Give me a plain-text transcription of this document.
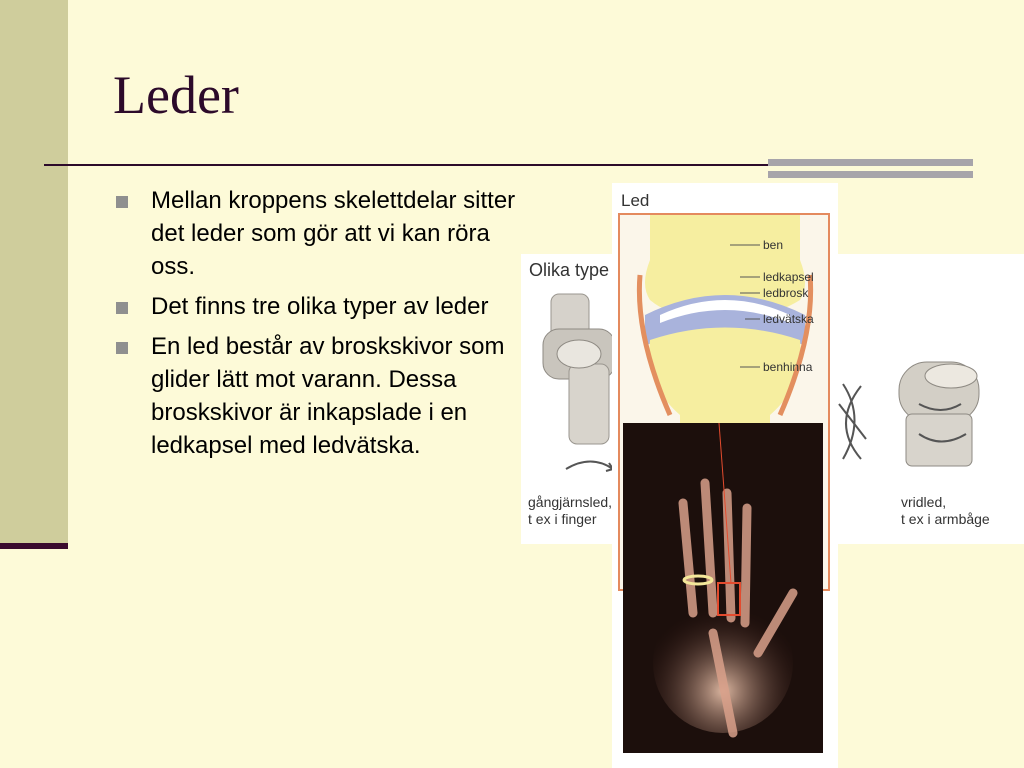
Leder
Mellan kroppens skelettdelar sitter det leder som gör att vi kan röra oss.
Det finns tre olika typer av leder
En led består av broskskivor som glider lätt mot varann. Dessa broskskivor är inkapslade i en ledkapsel med ledvätska.
Olika type
gångjärnsled,
t ex i finger
vridled,
t ex i armbåge
Led
ben
ledkapsel
ledbrosk
ledvätska
benhinna
